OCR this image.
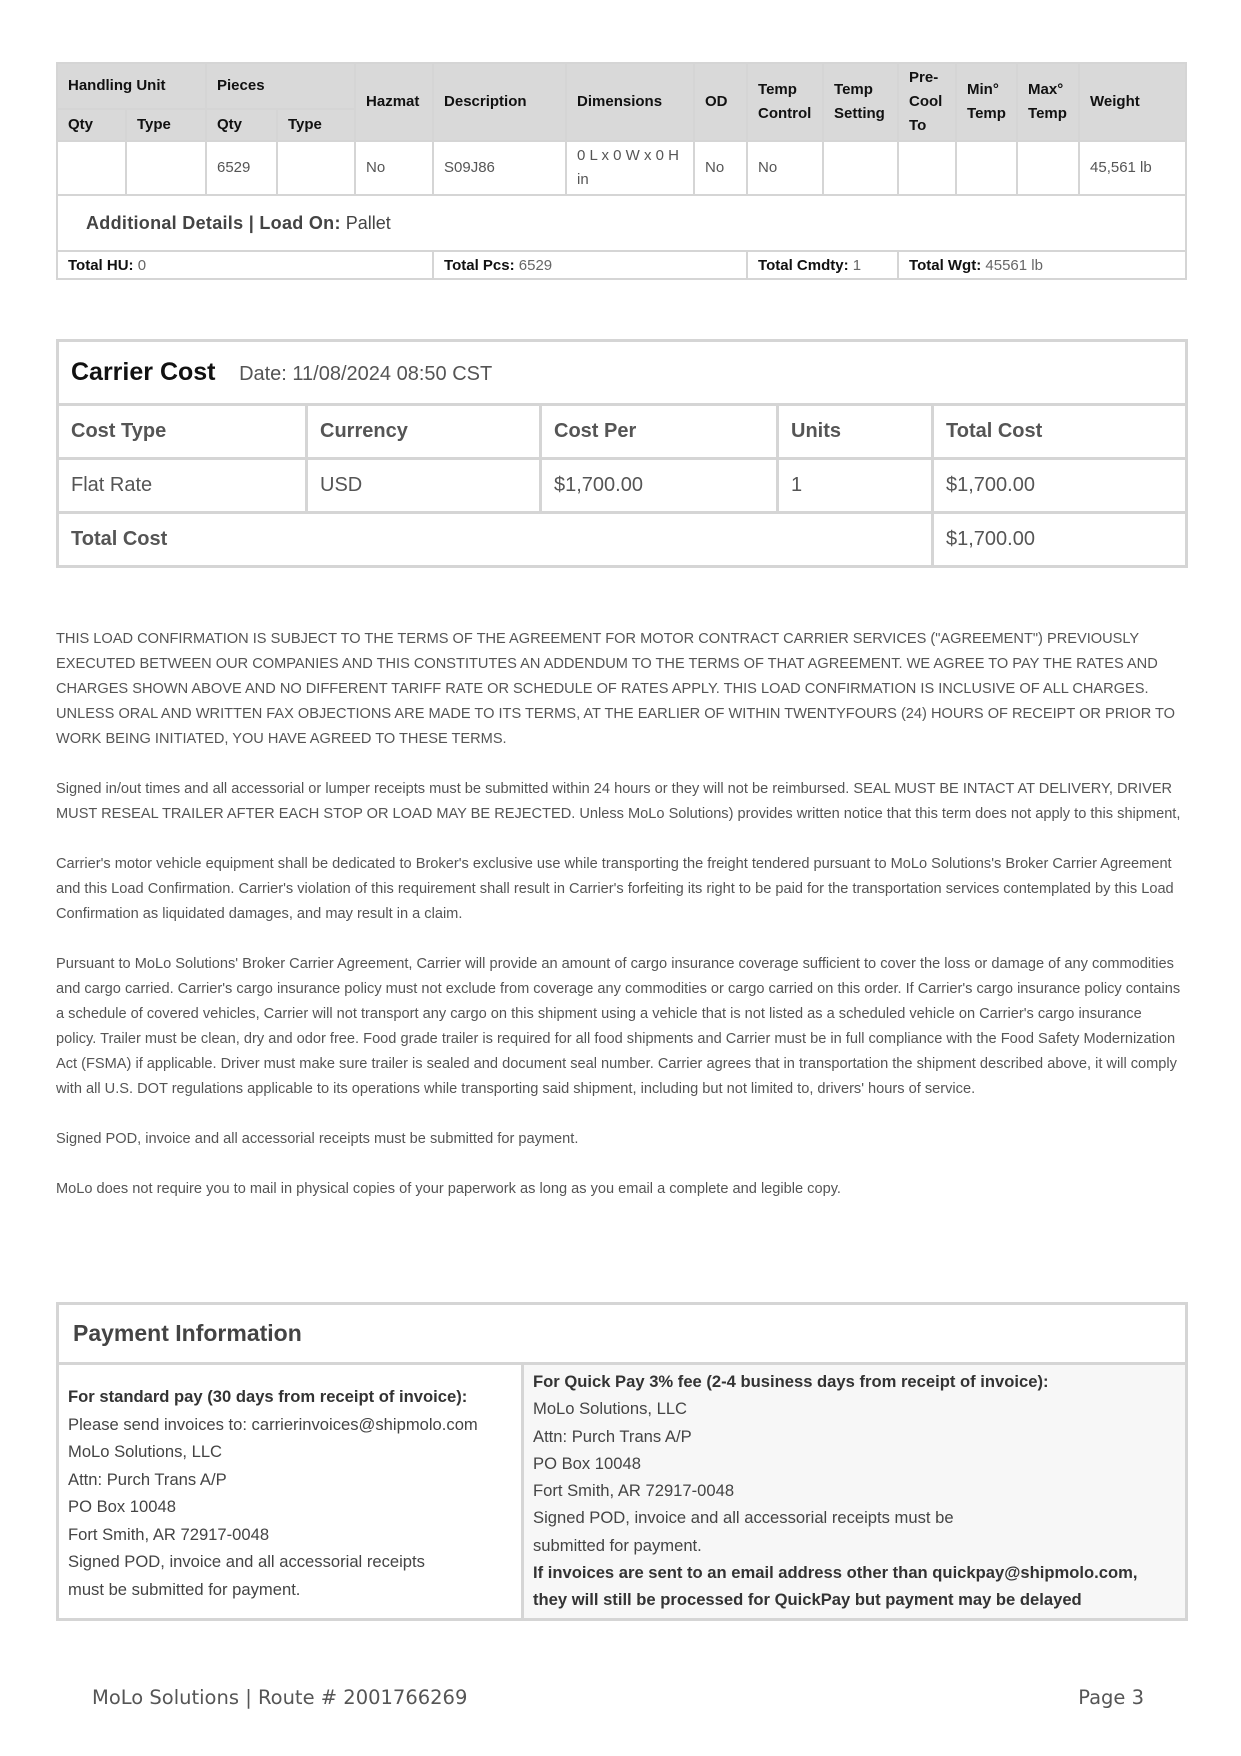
Handling Unit		Pieces		Hazmat	Description	Dimensions	OD	Temp Control	Temp Setting	Pre-Cool To	Min° Temp	Max° Temp	Weight
Qty	Type	Qty	Type										
		6529		No	S09J86	0 L x 0 W x 0 H in	No	No					45,561 lb
Additional Details | Load On: Pallet													
Total HU: 0					Total Pcs: 6529			Total Cmdty: 1		Total Wgt: 45561 lb			
Carrier Cost Date: 11/08/2024 08:50 CST				
Cost Type	Currency	Cost Per	Units	Total Cost
Flat Rate	USD	$1,700.00	1	$1,700.00
Total Cost				$1,700.00

THIS LOAD CONFIRMATION IS SUBJECT TO THE TERMS OF THE AGREEMENT FOR MOTOR CONTRACT CARRIER SERVICES ("AGREEMENT") PREVIOUSLY EXECUTED BETWEEN OUR COMPANIES AND THIS CONSTITUTES AN ADDENDUM TO THE TERMS OF THAT AGREEMENT. WE AGREE TO PAY THE RATES AND CHARGES SHOWN ABOVE AND NO DIFFERENT TARIFF RATE OR SCHEDULE OF RATES APPLY. THIS LOAD CONFIRMATION IS INCLUSIVE OF ALL CHARGES. UNLESS ORAL AND WRITTEN FAX OBJECTIONS ARE MADE TO ITS TERMS, AT THE EARLIER OF WITHIN TWENTYFOURS (24) HOURS OF RECEIPT OR PRIOR TO WORK BEING INITIATED, YOU HAVE AGREED TO THESE TERMS.

Signed in/out times and all accessorial or lumper receipts must be submitted within 24 hours or they will not be reimbursed. SEAL MUST BE INTACT AT DELIVERY, DRIVER MUST RESEAL TRAILER AFTER EACH STOP OR LOAD MAY BE REJECTED. Unless MoLo Solutions) provides written notice that this term does not apply to this shipment,

Carrier's motor vehicle equipment shall be dedicated to Broker's exclusive use while transporting the freight tendered pursuant to MoLo Solutions's Broker Carrier Agreement and this Load Confirmation. Carrier's violation of this requirement shall result in Carrier's forfeiting its right to be paid for the transportation services contemplated by this Load Confirmation as liquidated damages, and may result in a claim.

Pursuant to MoLo Solutions' Broker Carrier Agreement, Carrier will provide an amount of cargo insurance coverage sufficient to cover the loss or damage of any commodities and cargo carried. Carrier's cargo insurance policy must not exclude from coverage any commodities or cargo carried on this order. If Carrier's cargo insurance policy contains a schedule of covered vehicles, Carrier will not transport any cargo on this shipment using a vehicle that is not listed as a scheduled vehicle on Carrier's cargo insurance policy. Trailer must be clean, dry and odor free. Food grade trailer is required for all food shipments and Carrier must be in full compliance with the Food Safety Modernization Act (FSMA) if applicable. Driver must make sure trailer is sealed and document seal number. Carrier agrees that in transportation the shipment described above, it will comply with all U.S. DOT regulations applicable to its operations while transporting said shipment, including but not limited to, drivers' hours of service.

Signed POD, invoice and all accessorial receipts must be submitted for payment.

MoLo does not require you to mail in physical copies of your paperwork as long as you email a complete and legible copy.

Payment Information

For standard pay (30 days from receipt of invoice):
Please send invoices to: carrierinvoices@shipmolo.com
MoLo Solutions, LLC
Attn: Purch Trans A/P
PO Box 10048
Fort Smith, AR 72917-0048
Signed POD, invoice and all accessorial receipts
must be submitted for payment.

For Quick Pay 3% fee (2-4 business days from receipt of invoice):
MoLo Solutions, LLC
Attn: Purch Trans A/P
PO Box 10048
Fort Smith, AR 72917-0048
Signed POD, invoice and all accessorial receipts must be
submitted for payment.
If invoices are sent to an email address other than quickpay@shipmolo.com,
they will still be processed for QuickPay but payment may be delayed
MoLo Solutions | Route # 2001766269	Page 3
